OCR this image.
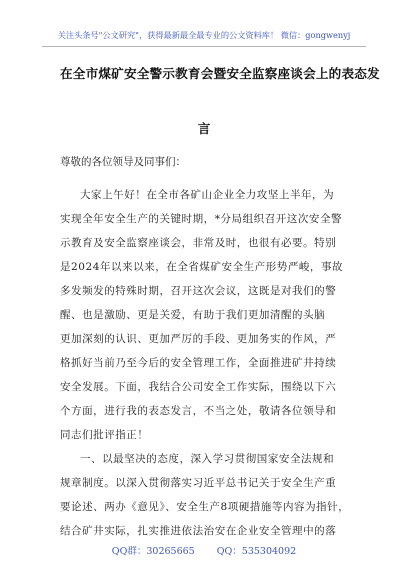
关注头条号"公文研究"，获得最新最全最专业的公文资料库！ 微信：gongwenyj
在全市煤矿安全警示教育会暨安全监察座谈会上的表态发
言
尊敬的各位领导及同事们：
大家上午好！在全市各矿山企业全力攻坚上半年，为
实现全年安全生产的关键时期，*分局组织召开这次安全警
示教育及安全监察座谈会，非常及时，也很有必要。特别
是2024年以来以来，在全省煤矿安全生产形势严峻，事故
多发频发的特殊时期，召开这次会议，这既是对我们的警
醒、也是激励、更是关爱，有助于我们更加清醒的头脑
更加深刻的认识、更加严厉的手段、更加务实的作风，严
格抓好当前乃至今后的安全管理工作，全面推进矿井持续
安全发展。下面，我结合公司安全工作实际，围绕以下六
个方面，进行我的表态发言，不当之处，敬请各位领导和
同志们批评指正！
一、以最坚决的态度，深入学习贯彻国家安全法规和
规章制度。以深入贯彻落实习近平总书记关于安全生产重
要论述、两办《意见》、安全生产8项硬措施等内容为指针，
结合矿井实际，扎实推进依法治安在企业安全管理中的落
QQ群：30265665 QQ：535304092
